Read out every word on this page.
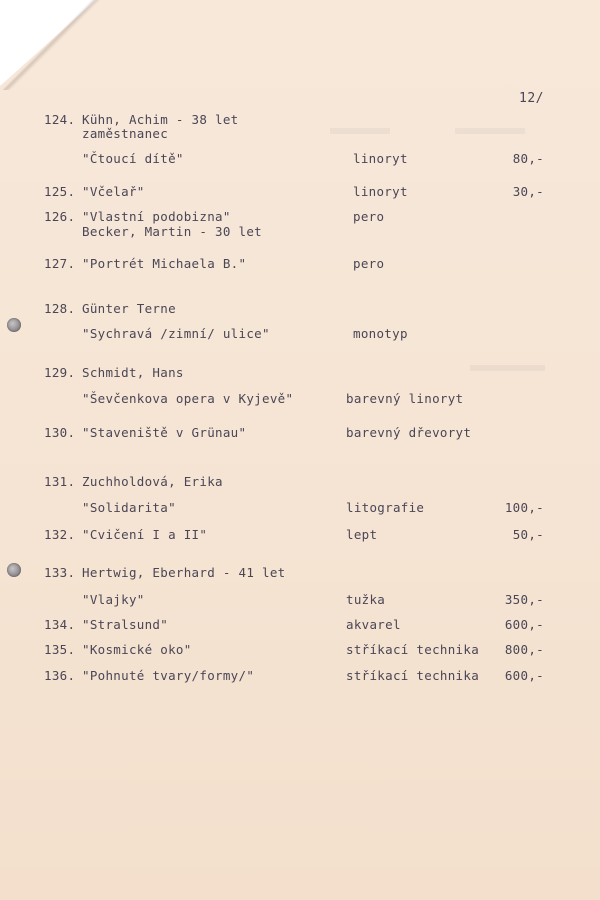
12/
124. Kühn, Achim - 38 let
zaměstnanec
"Čtoucí dítě"	linoryt	80,-
125. "Včelař"	linoryt	30,-
126. "Vlastní podobizna"	pero
Becker, Martin - 30 let
127. "Portrét Michaela B."	pero
128. Günter Terne
"Sychravá /zimní/ ulice"	monotyp
129. Schmidt, Hans
"Ševčenkova opera v Kyjevě"	barevný linoryt
130. "Staveniště v Grünau"	barevný dřevoryt
131. Zuchholdová, Erika
"Solidarita"	litografie	100,-
132. "Cvičení I a II"	lept	50,-
133. Hertwig, Eberhard - 41 let
"Vlajky"	tužka	350,-
134. "Stralsund"	akvarel	600,-
135. "Kosmické oko"	stříkací technika 800,-
136. "Pohnuté tvary/formy/"	stříkací technika 600,-
